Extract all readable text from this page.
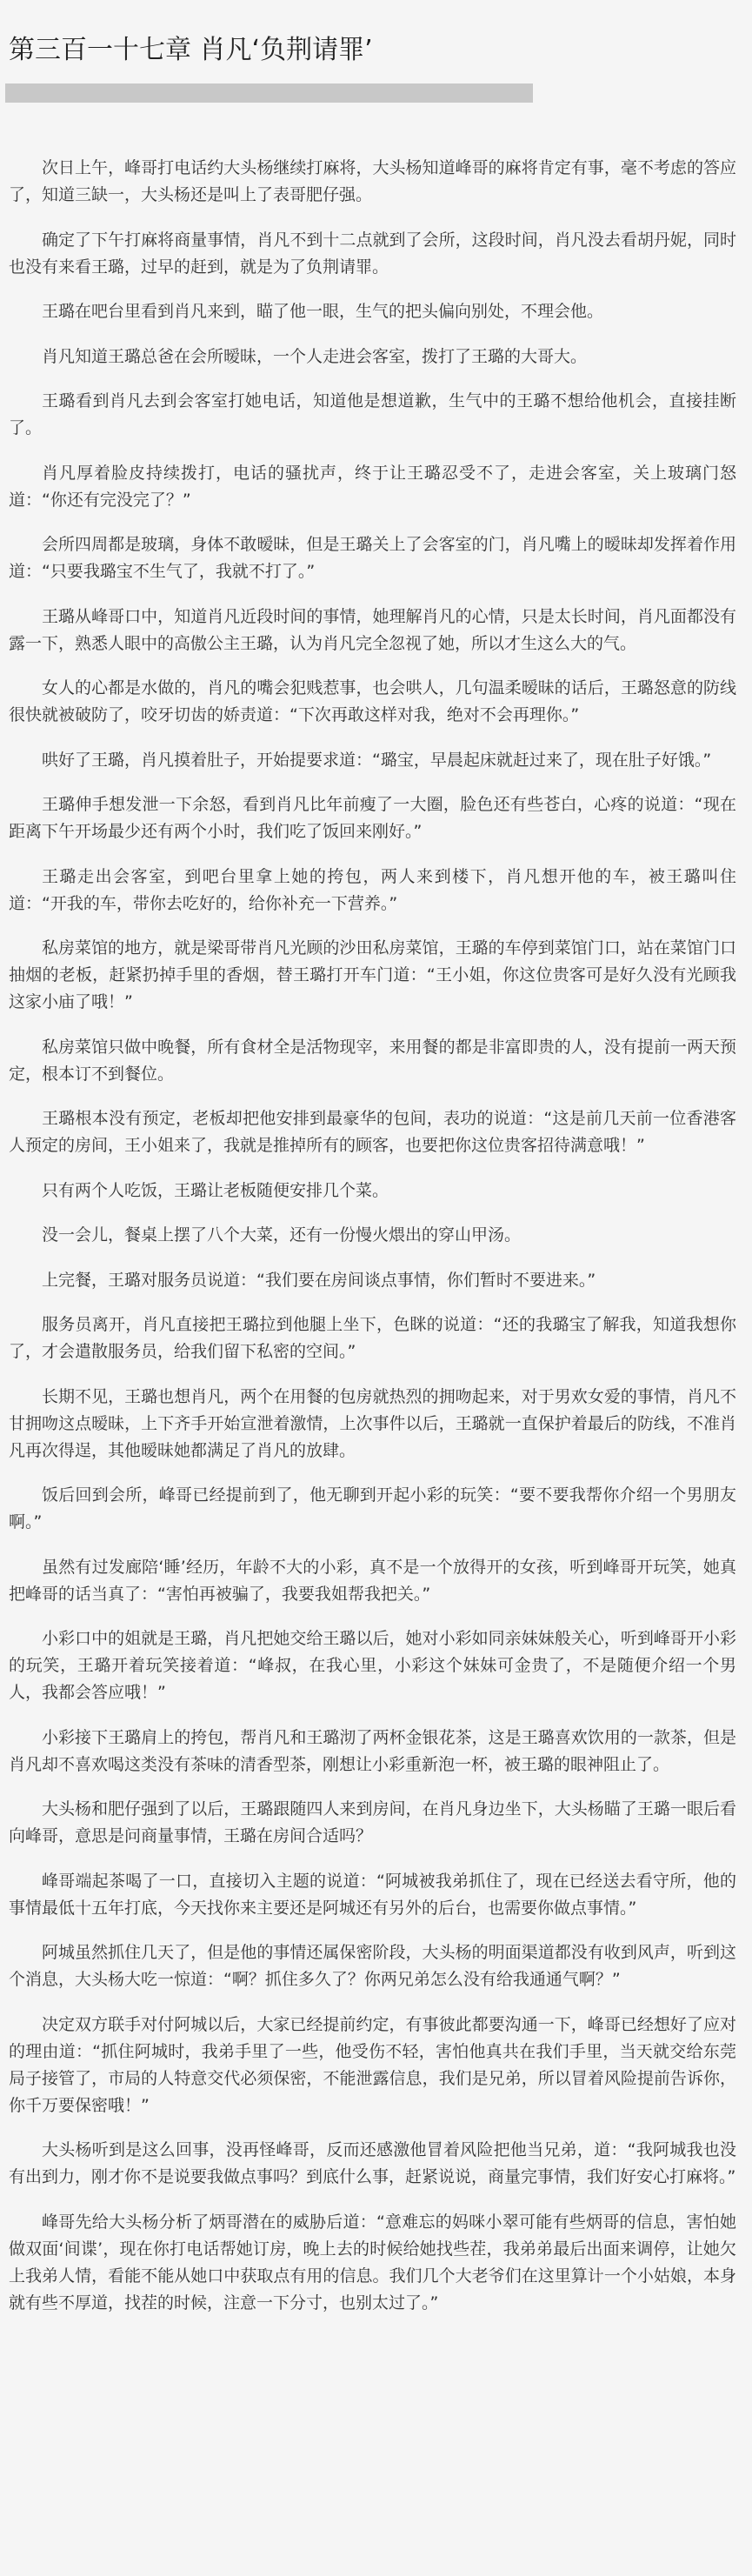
第三百一十七章 肖凡‘负荆请罪’

次日上午，峰哥打电话约大头杨继续打麻将，大头杨知道峰哥的麻将肯定有事，毫不考虑的答应了，知道三缺一，大头杨还是叫上了表哥肥仔强。

确定了下午打麻将商量事情，肖凡不到十二点就到了会所，这段时间，肖凡没去看胡丹妮，同时也没有来看王璐，过早的赶到，就是为了负荆请罪。

王璐在吧台里看到肖凡来到，瞄了他一眼，生气的把头偏向别处，不理会他。

肖凡知道王璐总爸在会所暧昧，一个人走进会客室，拨打了王璐的大哥大。

王璐看到肖凡去到会客室打她电话，知道他是想道歉，生气中的王璐不想给他机会，直接挂断了。

肖凡厚着脸皮持续拨打，电话的骚扰声，终于让王璐忍受不了，走进会客室，关上玻璃门怒道：“你还有完没完了？”

会所四周都是玻璃，身体不敢暧昧，但是王璐关上了会客室的门，肖凡嘴上的暧昧却发挥着作用道：“只要我璐宝不生气了，我就不打了。”

王璐从峰哥口中，知道肖凡近段时间的事情，她理解肖凡的心情，只是太长时间，肖凡面都没有露一下，熟悉人眼中的高傲公主王璐，认为肖凡完全忽视了她，所以才生这么大的气。

女人的心都是水做的，肖凡的嘴会犯贱惹事，也会哄人，几句温柔暧昧的话后，王璐怒意的防线很快就被破防了，咬牙切齿的娇责道：“下次再敢这样对我，绝对不会再理你。”

哄好了王璐，肖凡摸着肚子，开始提要求道：“璐宝，早晨起床就赶过来了，现在肚子好饿。”

王璐伸手想发泄一下余怒，看到肖凡比年前瘦了一大圈，脸色还有些苍白，心疼的说道：“现在距离下午开场最少还有两个小时，我们吃了饭回来刚好。”

王璐走出会客室，到吧台里拿上她的挎包，两人来到楼下，肖凡想开他的车，被王璐叫住道：“开我的车，带你去吃好的，给你补充一下营养。”

私房菜馆的地方，就是梁哥带肖凡光顾的沙田私房菜馆，王璐的车停到菜馆门口，站在菜馆门口抽烟的老板，赶紧扔掉手里的香烟，替王璐打开车门道：“王小姐，你这位贵客可是好久没有光顾我这家小庙了哦！”

私房菜馆只做中晚餐，所有食材全是活物现宰，来用餐的都是非富即贵的人，没有提前一两天预定，根本订不到餐位。

王璐根本没有预定，老板却把他安排到最豪华的包间，表功的说道：“这是前几天前一位香港客人预定的房间，王小姐来了，我就是推掉所有的顾客，也要把你这位贵客招待满意哦！”

只有两个人吃饭，王璐让老板随便安排几个菜。

没一会儿，餐桌上摆了八个大菜，还有一份慢火煨出的穿山甲汤。

上完餐，王璐对服务员说道：“我们要在房间谈点事情，你们暂时不要进来。”

服务员离开，肖凡直接把王璐拉到他腿上坐下，色眯的说道：“还的我璐宝了解我，知道我想你了，才会遣散服务员，给我们留下私密的空间。”

长期不见，王璐也想肖凡，两个在用餐的包房就热烈的拥吻起来，对于男欢女爱的事情，肖凡不甘拥吻这点暧昧，上下齐手开始宣泄着激情，上次事件以后，王璐就一直保护着最后的防线，不准肖凡再次得逞，其他暧昧她都满足了肖凡的放肆。

饭后回到会所，峰哥已经提前到了，他无聊到开起小彩的玩笑：“要不要我帮你介绍一个男朋友啊。”

虽然有过发廊陪‘睡’经历，年龄不大的小彩，真不是一个放得开的女孩，听到峰哥开玩笑，她真把峰哥的话当真了：“害怕再被骗了，我要我姐帮我把关。”

小彩口中的姐就是王璐，肖凡把她交给王璐以后，她对小彩如同亲妹妹般关心，听到峰哥开小彩的玩笑，王璐开着玩笑接着道：“峰叔，在我心里，小彩这个妹妹可金贵了，不是随便介绍一个男人，我都会答应哦！”

小彩接下王璐肩上的挎包，帮肖凡和王璐沏了两杯金银花茶，这是王璐喜欢饮用的一款茶，但是肖凡却不喜欢喝这类没有茶味的清香型茶，刚想让小彩重新泡一杯，被王璐的眼神阻止了。

大头杨和肥仔强到了以后，王璐跟随四人来到房间，在肖凡身边坐下，大头杨瞄了王璐一眼后看向峰哥，意思是问商量事情，王璐在房间合适吗？

峰哥端起茶喝了一口，直接切入主题的说道：“阿城被我弟抓住了，现在已经送去看守所，他的事情最低十五年打底，今天找你来主要还是阿城还有另外的后台，也需要你做点事情。”

阿城虽然抓住几天了，但是他的事情还属保密阶段，大头杨的明面渠道都没有收到风声，听到这个消息，大头杨大吃一惊道：“啊？抓住多久了？你两兄弟怎么没有给我通通气啊？”

决定双方联手对付阿城以后，大家已经提前约定，有事彼此都要沟通一下，峰哥已经想好了应对的理由道：“抓住阿城时，我弟手里了一些，他受伤不轻，害怕他真共在我们手里，当天就交给东莞局子接管了，市局的人特意交代必须保密，不能泄露信息，我们是兄弟，所以冒着风险提前告诉你，你千万要保密哦！”

大头杨听到是这么回事，没再怪峰哥，反而还感激他冒着风险把他当兄弟，道：“我阿城我也没有出到力，刚才你不是说要我做点事吗？到底什么事，赶紧说说，商量完事情，我们好安心打麻将。”

峰哥先给大头杨分析了炳哥潜在的威胁后道：“意难忘的妈咪小翠可能有些炳哥的信息，害怕她做双面‘间谍’，现在你打电话帮她订房，晚上去的时候给她找些茬，我弟弟最后出面来调停，让她欠上我弟人情，看能不能从她口中获取点有用的信息。我们几个大老爷们在这里算计一个小姑娘，本身就有些不厚道，找茬的时候，注意一下分寸，也别太过了。”
